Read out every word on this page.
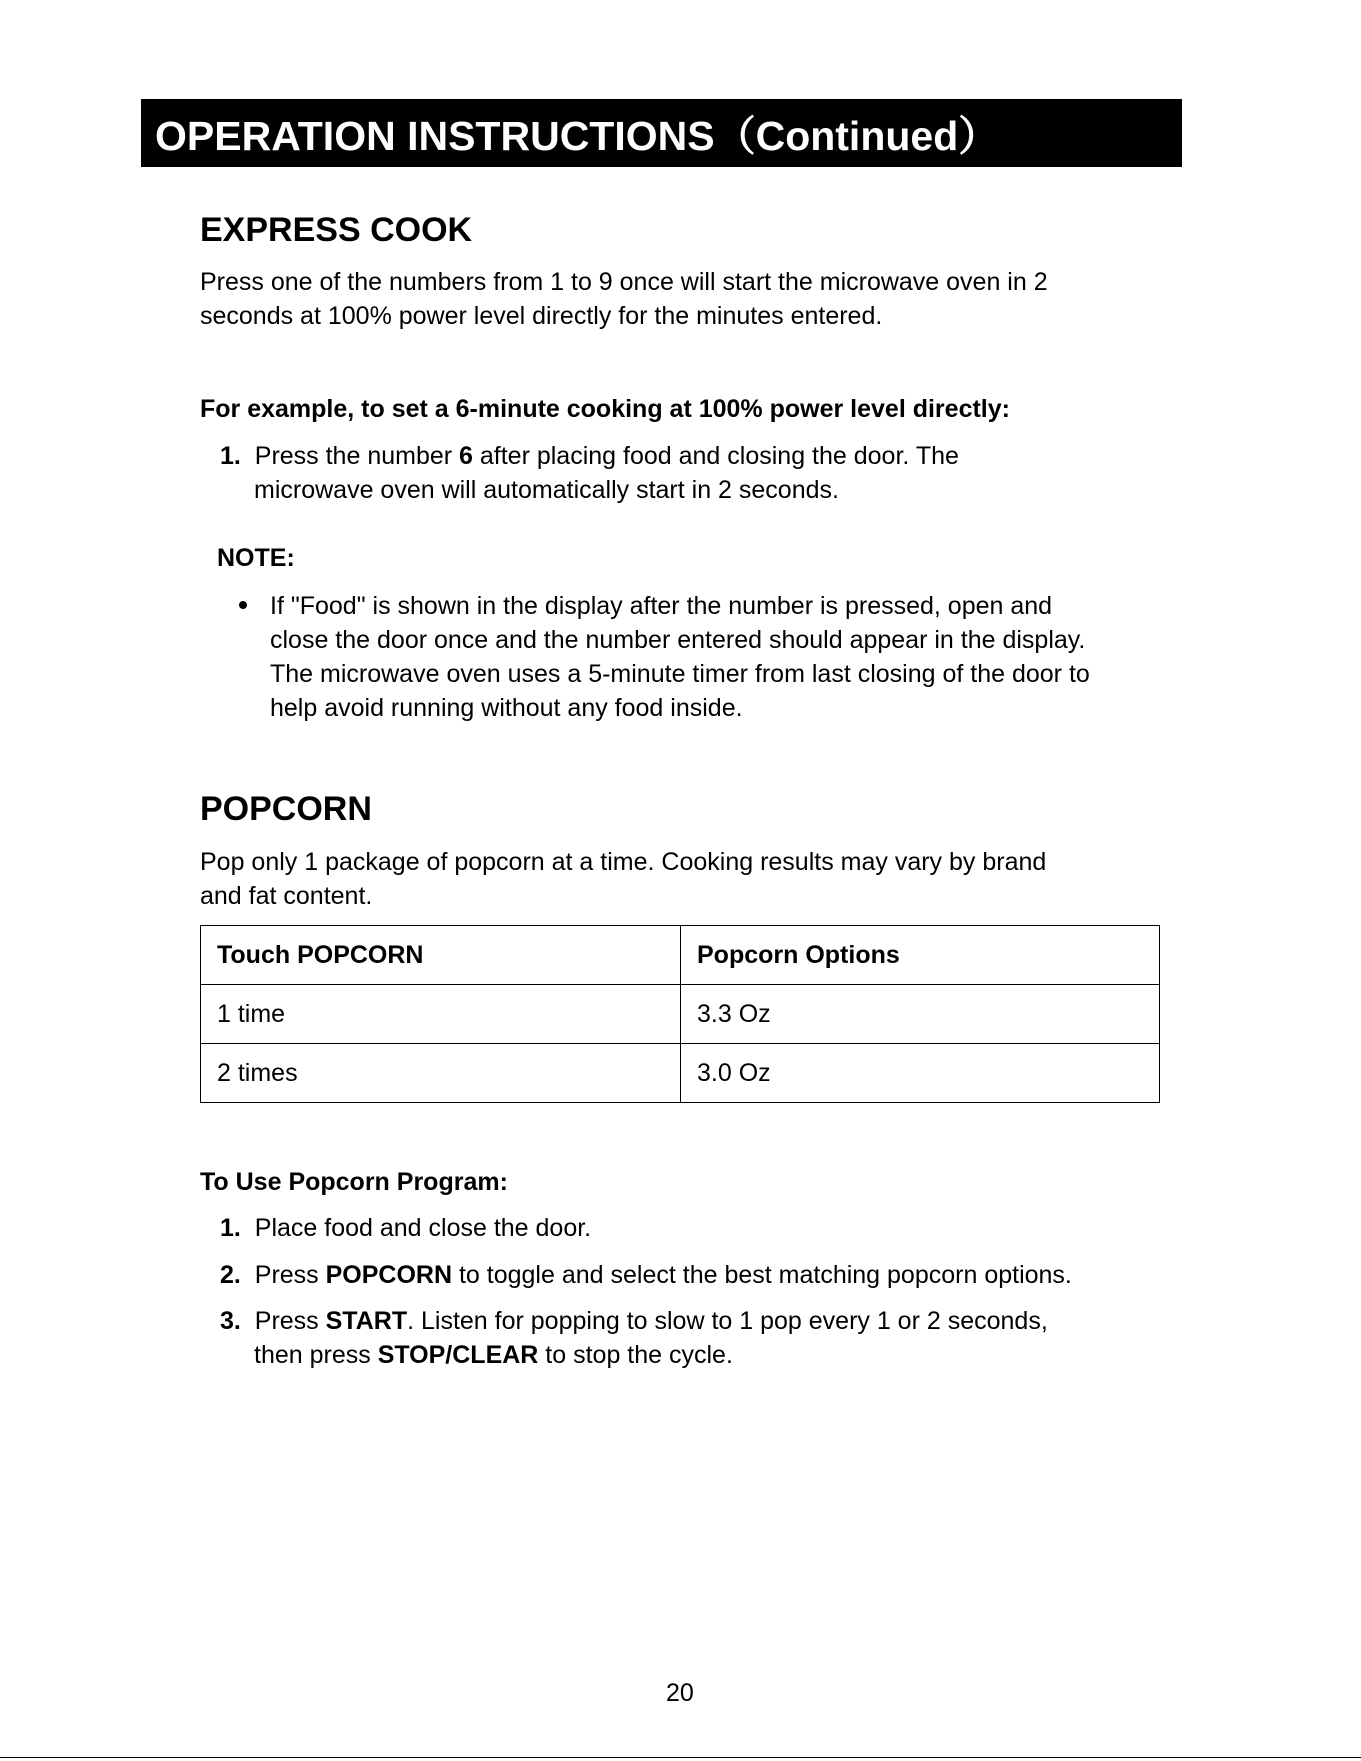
OPERATION INSTRUCTIONS（Continued）
EXPRESS COOK
Press one of the numbers from 1 to 9 once will start the microwave oven in 2
seconds at 100% power level directly for the minutes entered.
For example, to set a 6-minute cooking at 100% power level directly:
1. Press the number 6 after placing food and closing the door. The
microwave oven will automatically start in 2 seconds.
NOTE:
If "Food" is shown in the display after the number is pressed, open and
close the door once and the number entered should appear in the display.
The microwave oven uses a 5-minute timer from last closing of the door to
help avoid running without any food inside.
POPCORN
Pop only 1 package of popcorn at a time. Cooking results may vary by brand
and fat content.
Touch POPCORN	Popcorn Options
1 time	3.3 Oz
2 times	3.0 Oz
To Use Popcorn Program:
1. Place food and close the door.
2. Press POPCORN to toggle and select the best matching popcorn options.
3. Press START. Listen for popping to slow to 1 pop every 1 or 2 seconds,
then press STOP/CLEAR to stop the cycle.
20
